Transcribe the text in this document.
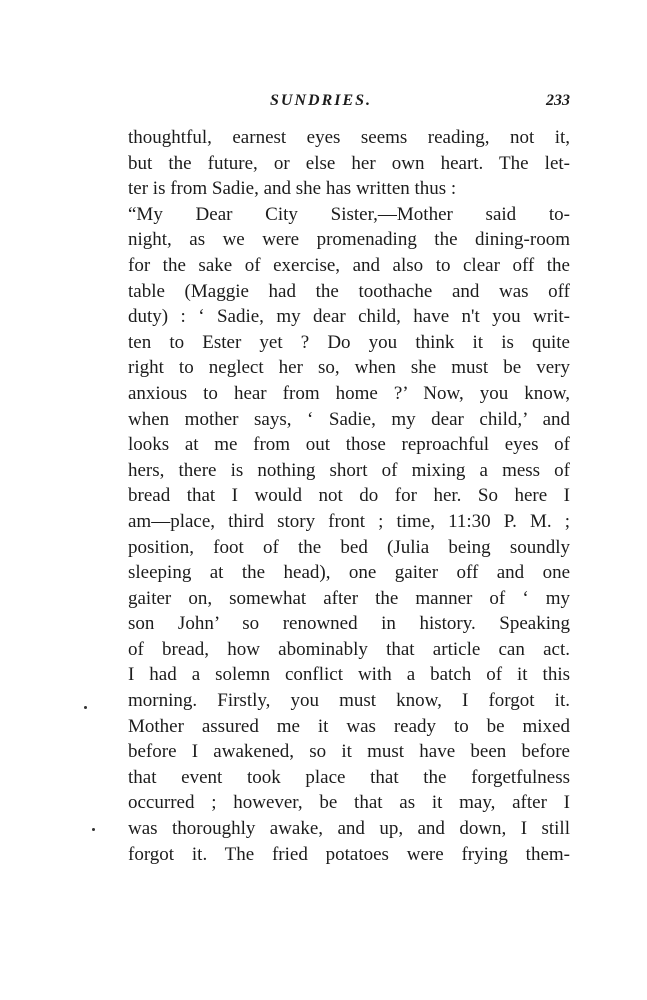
SUNDRIES.	233
thoughtful, earnest eyes seems reading, not it,
but the future, or else her own heart. The let-
ter is from Sadie, and she has written thus :
“My Dear City Sister,—Mother said to-
night, as we were promenading the dining-room
for the sake of exercise, and also to clear off the
table (Maggie had the toothache and was off
duty) : ‘ Sadie, my dear child, have n't you writ-
ten to Ester yet ? Do you think it is quite
right to neglect her so, when she must be very
anxious to hear from home ?’ Now, you know,
when mother says, ‘ Sadie, my dear child,’ and
looks at me from out those reproachful eyes of
hers, there is nothing short of mixing a mess of
bread that I would not do for her. So here I
am—place, third story front ; time, 11:30 P. M. ;
position, foot of the bed (Julia being soundly
sleeping at the head), one gaiter off and one
gaiter on, somewhat after the manner of ‘ my
son John’ so renowned in history. Speaking
of bread, how abominably that article can act.
I had a solemn conflict with a batch of it this
morning. Firstly, you must know, I forgot it.
Mother assured me it was ready to be mixed
before I awakened, so it must have been before
that event took place that the forgetfulness
occurred ; however, be that as it may, after I
was thoroughly awake, and up, and down, I still
forgot it. The fried potatoes were frying them-
